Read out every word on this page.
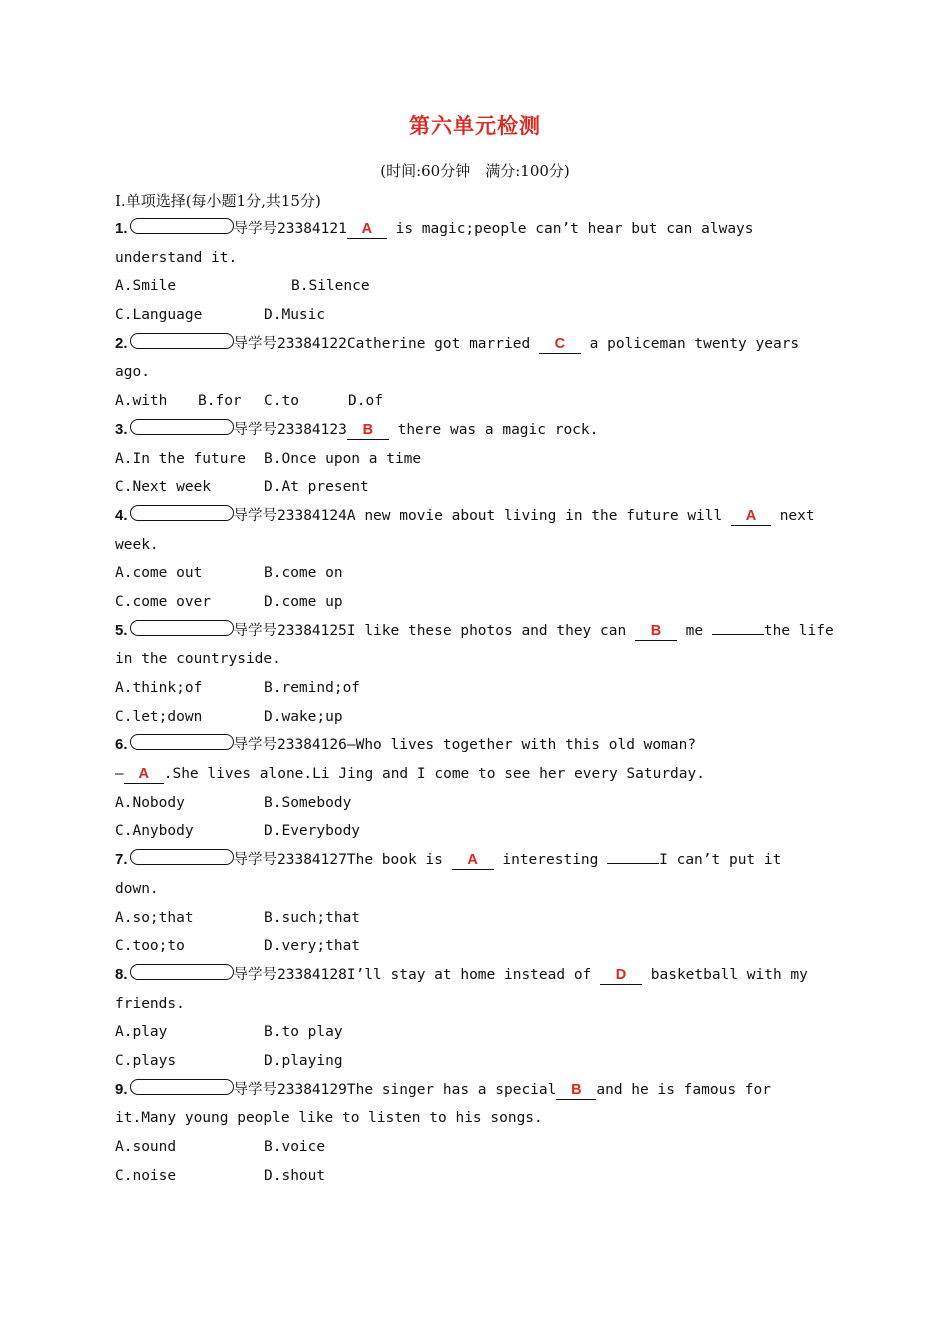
第六单元检测
(时间:60分钟　满分:100分)
Ⅰ.单项选择(每小题1分,共15分)
1.	导学号23384121 A is magic;people can’t hear but can always
understand it.
A.Smile	B.Silence
C.Language	D.Music
2.	导学号23384122Catherine got married C a policeman twenty years
ago.
A.with B.for C.to	D.of
3.	导学号23384123 B there was a magic rock.
A.In the future B.Once upon a time
C.Next week	D.At present
4.	导学号23384124A new movie about living in the future will A next
week.
A.come out	B.come on
C.come over	D.come up
5.	导学号23384125I like these photos and they can B me	the life
in the countryside.
A.think;of	B.remind;of
C.let;down	D.wake;up
6.	导学号23384126—Who lives together with this old woman?
— A .She lives alone.Li Jing and I come to see her every Saturday.
A.Nobody	B.Somebody
C.Anybody	D.Everybody
7.	导学号23384127The book is A interesting	I can’t put it
down.
A.so;that	B.such;that
C.too;to	D.very;that
8.	导学号23384128I’ll stay at home instead of D basketball with my
friends.
A.play	B.to play
C.plays	D.playing
9.	导学号23384129The singer has a special B and he is famous for
it.Many young people like to listen to his songs.
A.sound	B.voice
C.noise	D.shout
